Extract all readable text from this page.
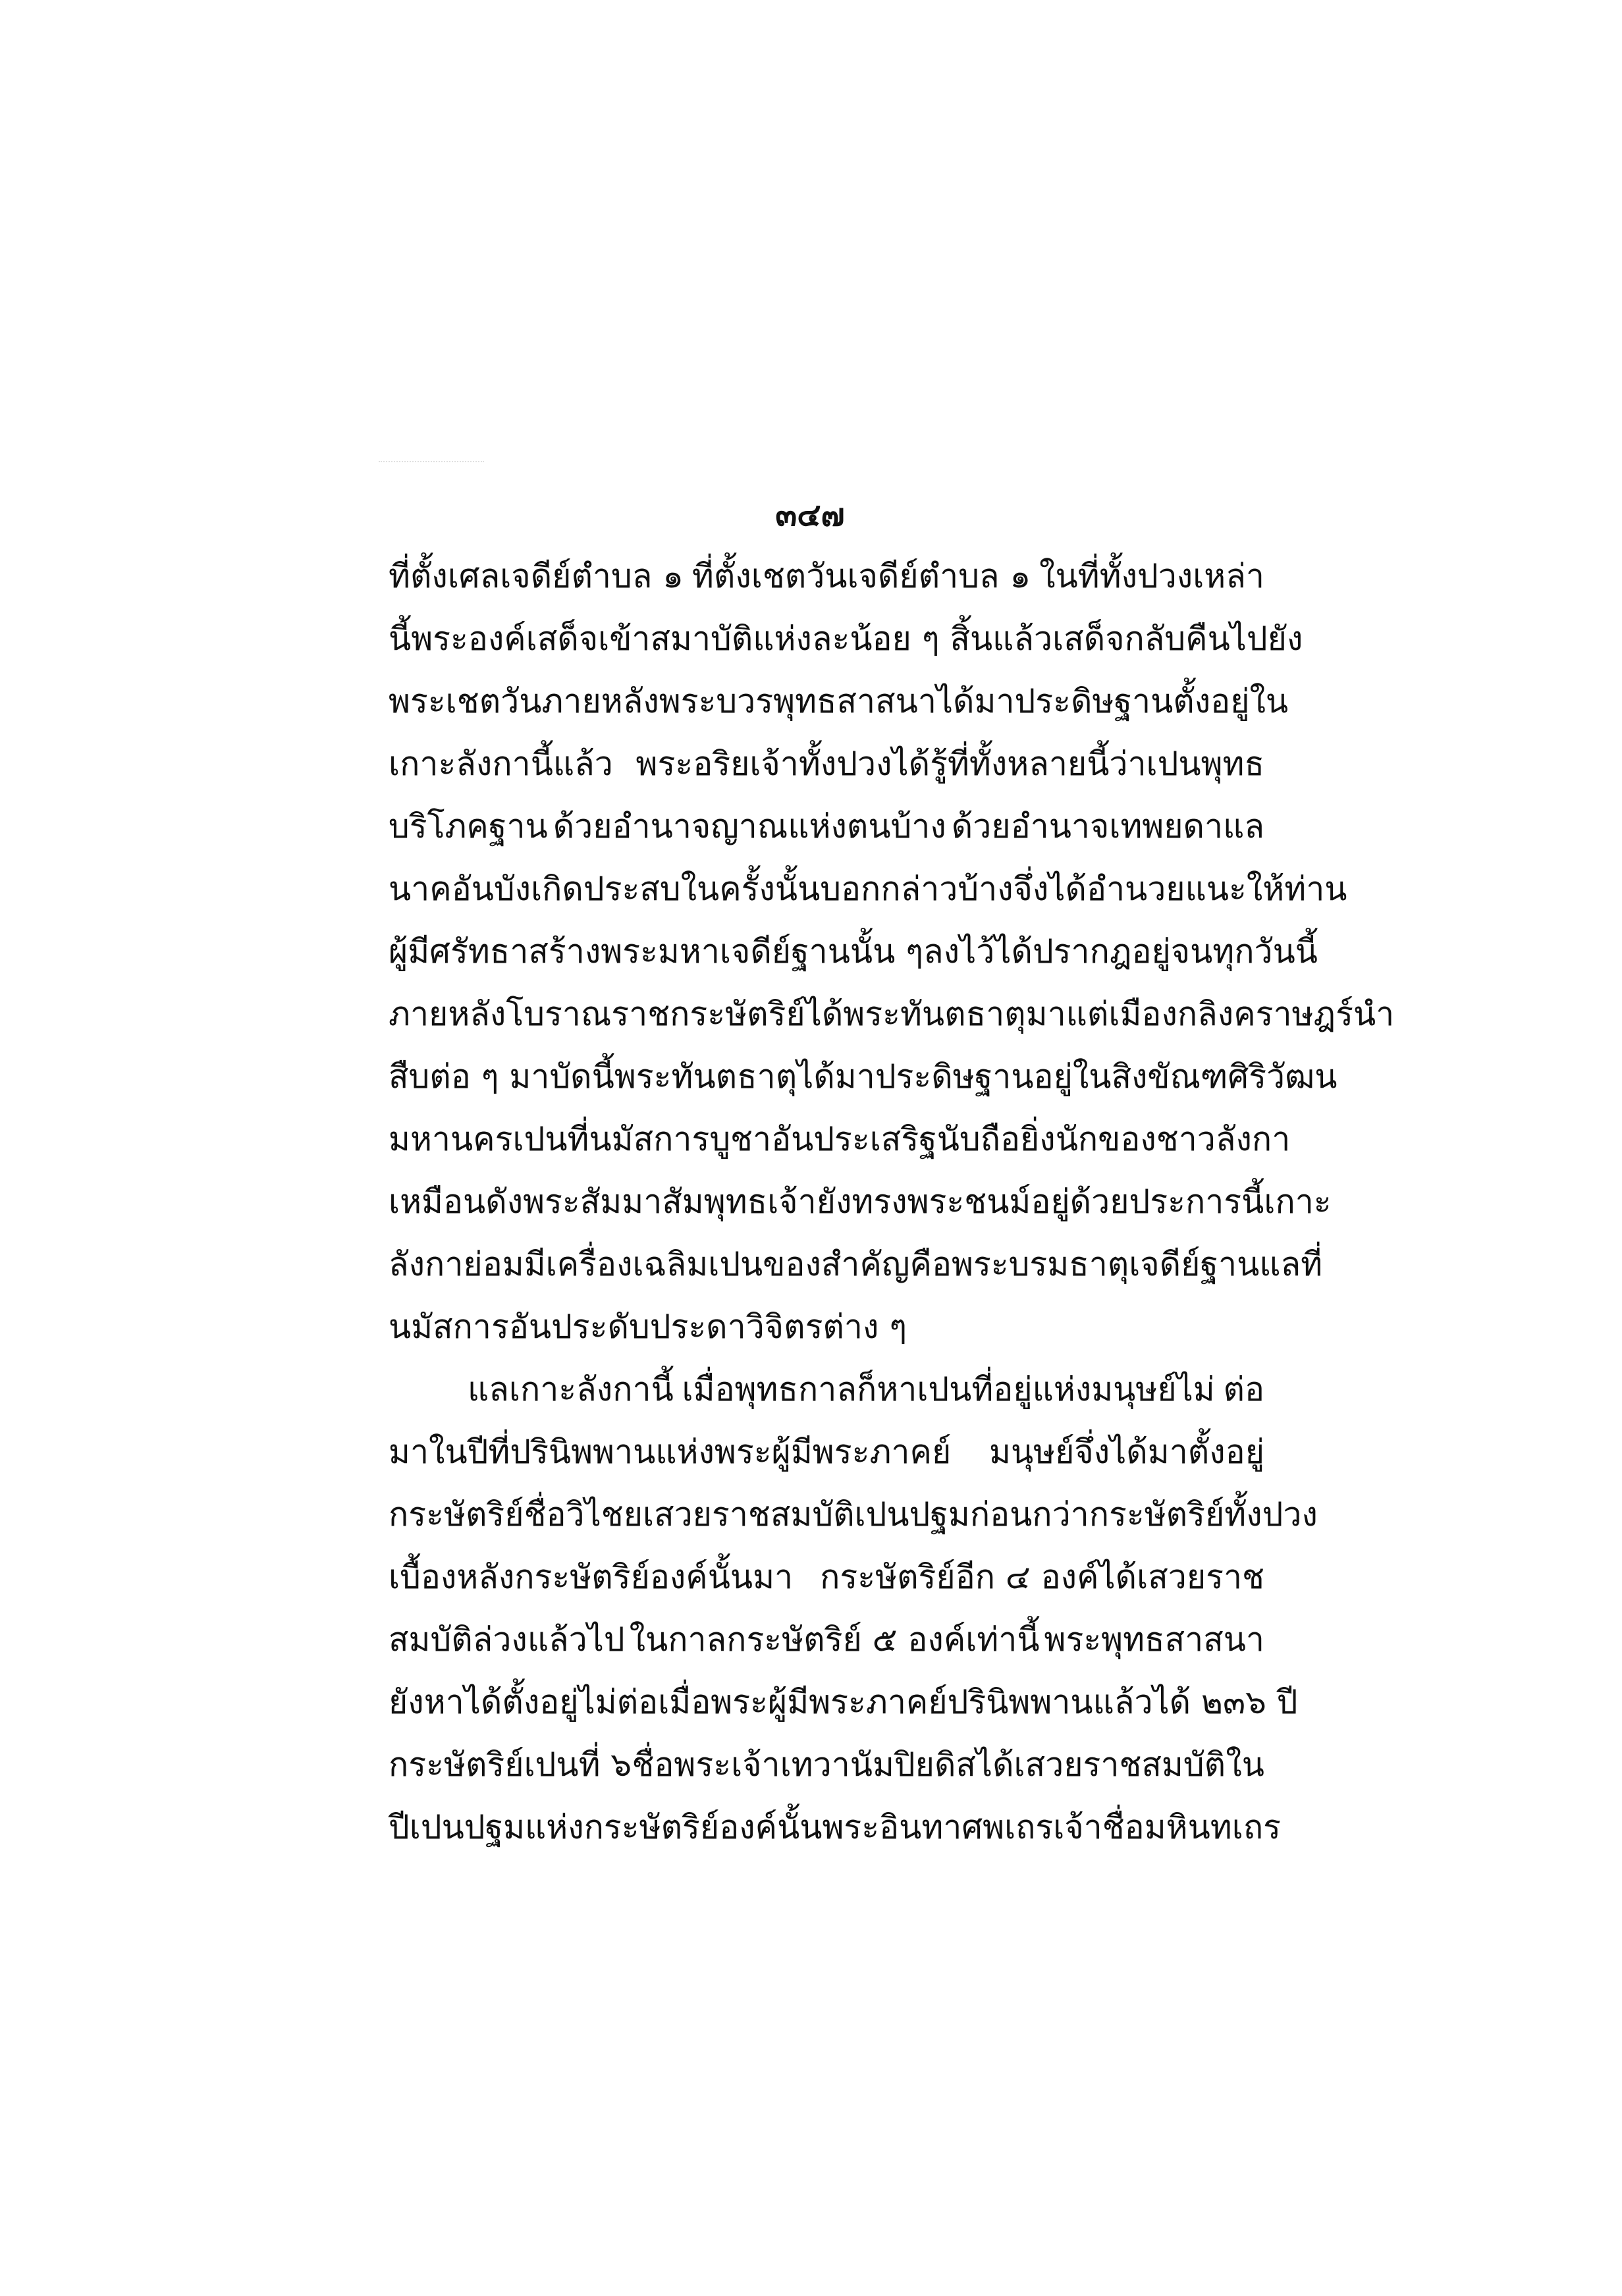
๓๔๗
ที่ตั้งเศลเจดีย์ตำบล ๑ ที่ตั้งเชตวันเจดีย์ตำบล ๑ ในที่ทั้งปวงเหล่า
นี้ พระองค์เสด็จเข้าสมาบัติแห่งละน้อย ๆ สิ้นแล้วเสด็จกลับคืนไปยัง
พระเชตวัน ภายหลังพระบวรพุทธสาสนาได้มาประดิษฐานตั้งอยู่ใน
เกาะลังกานี้แล้ว พระอริยเจ้าทั้งปวงได้รู้ที่ทั้งหลายนี้ว่าเปนพุทธ
บริโภคฐาน ด้วยอำนาจญาณแห่งตนบ้าง ด้วยอำนาจเทพยดาแล
นาคอันบังเกิดประสบในครั้งนั้นบอกกล่าวบ้าง จึ่งได้อำนวยแนะให้ท่าน
ผู้มีศรัทธาสร้างพระมหาเจดีย์ฐานนั้น ๆ ลงไว้ได้ปรากฎอยู่จนทุกวันนี้
ภายหลังโบราณราชกระษัตริย์ได้พระทันตธาตุมาแต่เมืองกลิงคราษฎร์นำ
สืบต่อ ๆ มา บัดนี้พระทันตธาตุได้มาประดิษฐานอยู่ในสิงขัณฑศิริวัฒน
มหานคร เปนที่นมัสการบูชาอันประเสริฐนับถือยิ่งนักของชาวลังกา
เหมือนดังพระสัมมาสัมพุทธเจ้ายังทรงพระชนม์อยู่ด้วยประการนี้ เกาะ
ลังกาย่อมมีเครื่องเฉลิมเปนของสำคัญ คือพระบรมธาตุเจดีย์ฐาน แลที่
นมัสการอันประดับประดาวิจิตรต่าง ๆ
แลเกาะลังกานี้ เมื่อพุทธกาลก็หาเปนที่อยู่แห่งมนุษย์ไม่ ต่อ
มาในปีที่ปรินิพพานแห่งพระผู้มีพระภาคย์ มนุษย์จึ่งได้มาตั้งอยู่
กระษัตริย์ชื่อวิไชย เสวยราชสมบัติเปนปฐมก่อนกว่ากระษัตริย์ทั้งปวง
เบื้องหลังกระษัตริย์องค์นั้นมา กระษัตริย์อีก ๔ องค์ได้เสวยราช
สมบัติล่วงแล้วไป ในกาลกระษัตริย์ ๕ องค์เท่านี้ พระพุทธสาสนา
ยังหาได้ตั้งอยู่ไม่ ต่อเมื่อพระผู้มีพระภาคย์ปรินิพพานแล้วได้ ๒๓๖ ปี
กระษัตริย์เปนที่ ๖ ชื่อพระเจ้าเทวานัมปิยดิสได้เสวยราชสมบัติ ใน
ปีเปนปฐมแห่งกระษัตริย์องค์นั้น พระอินทาศพเถรเจ้าชื่อมหินทเถร
